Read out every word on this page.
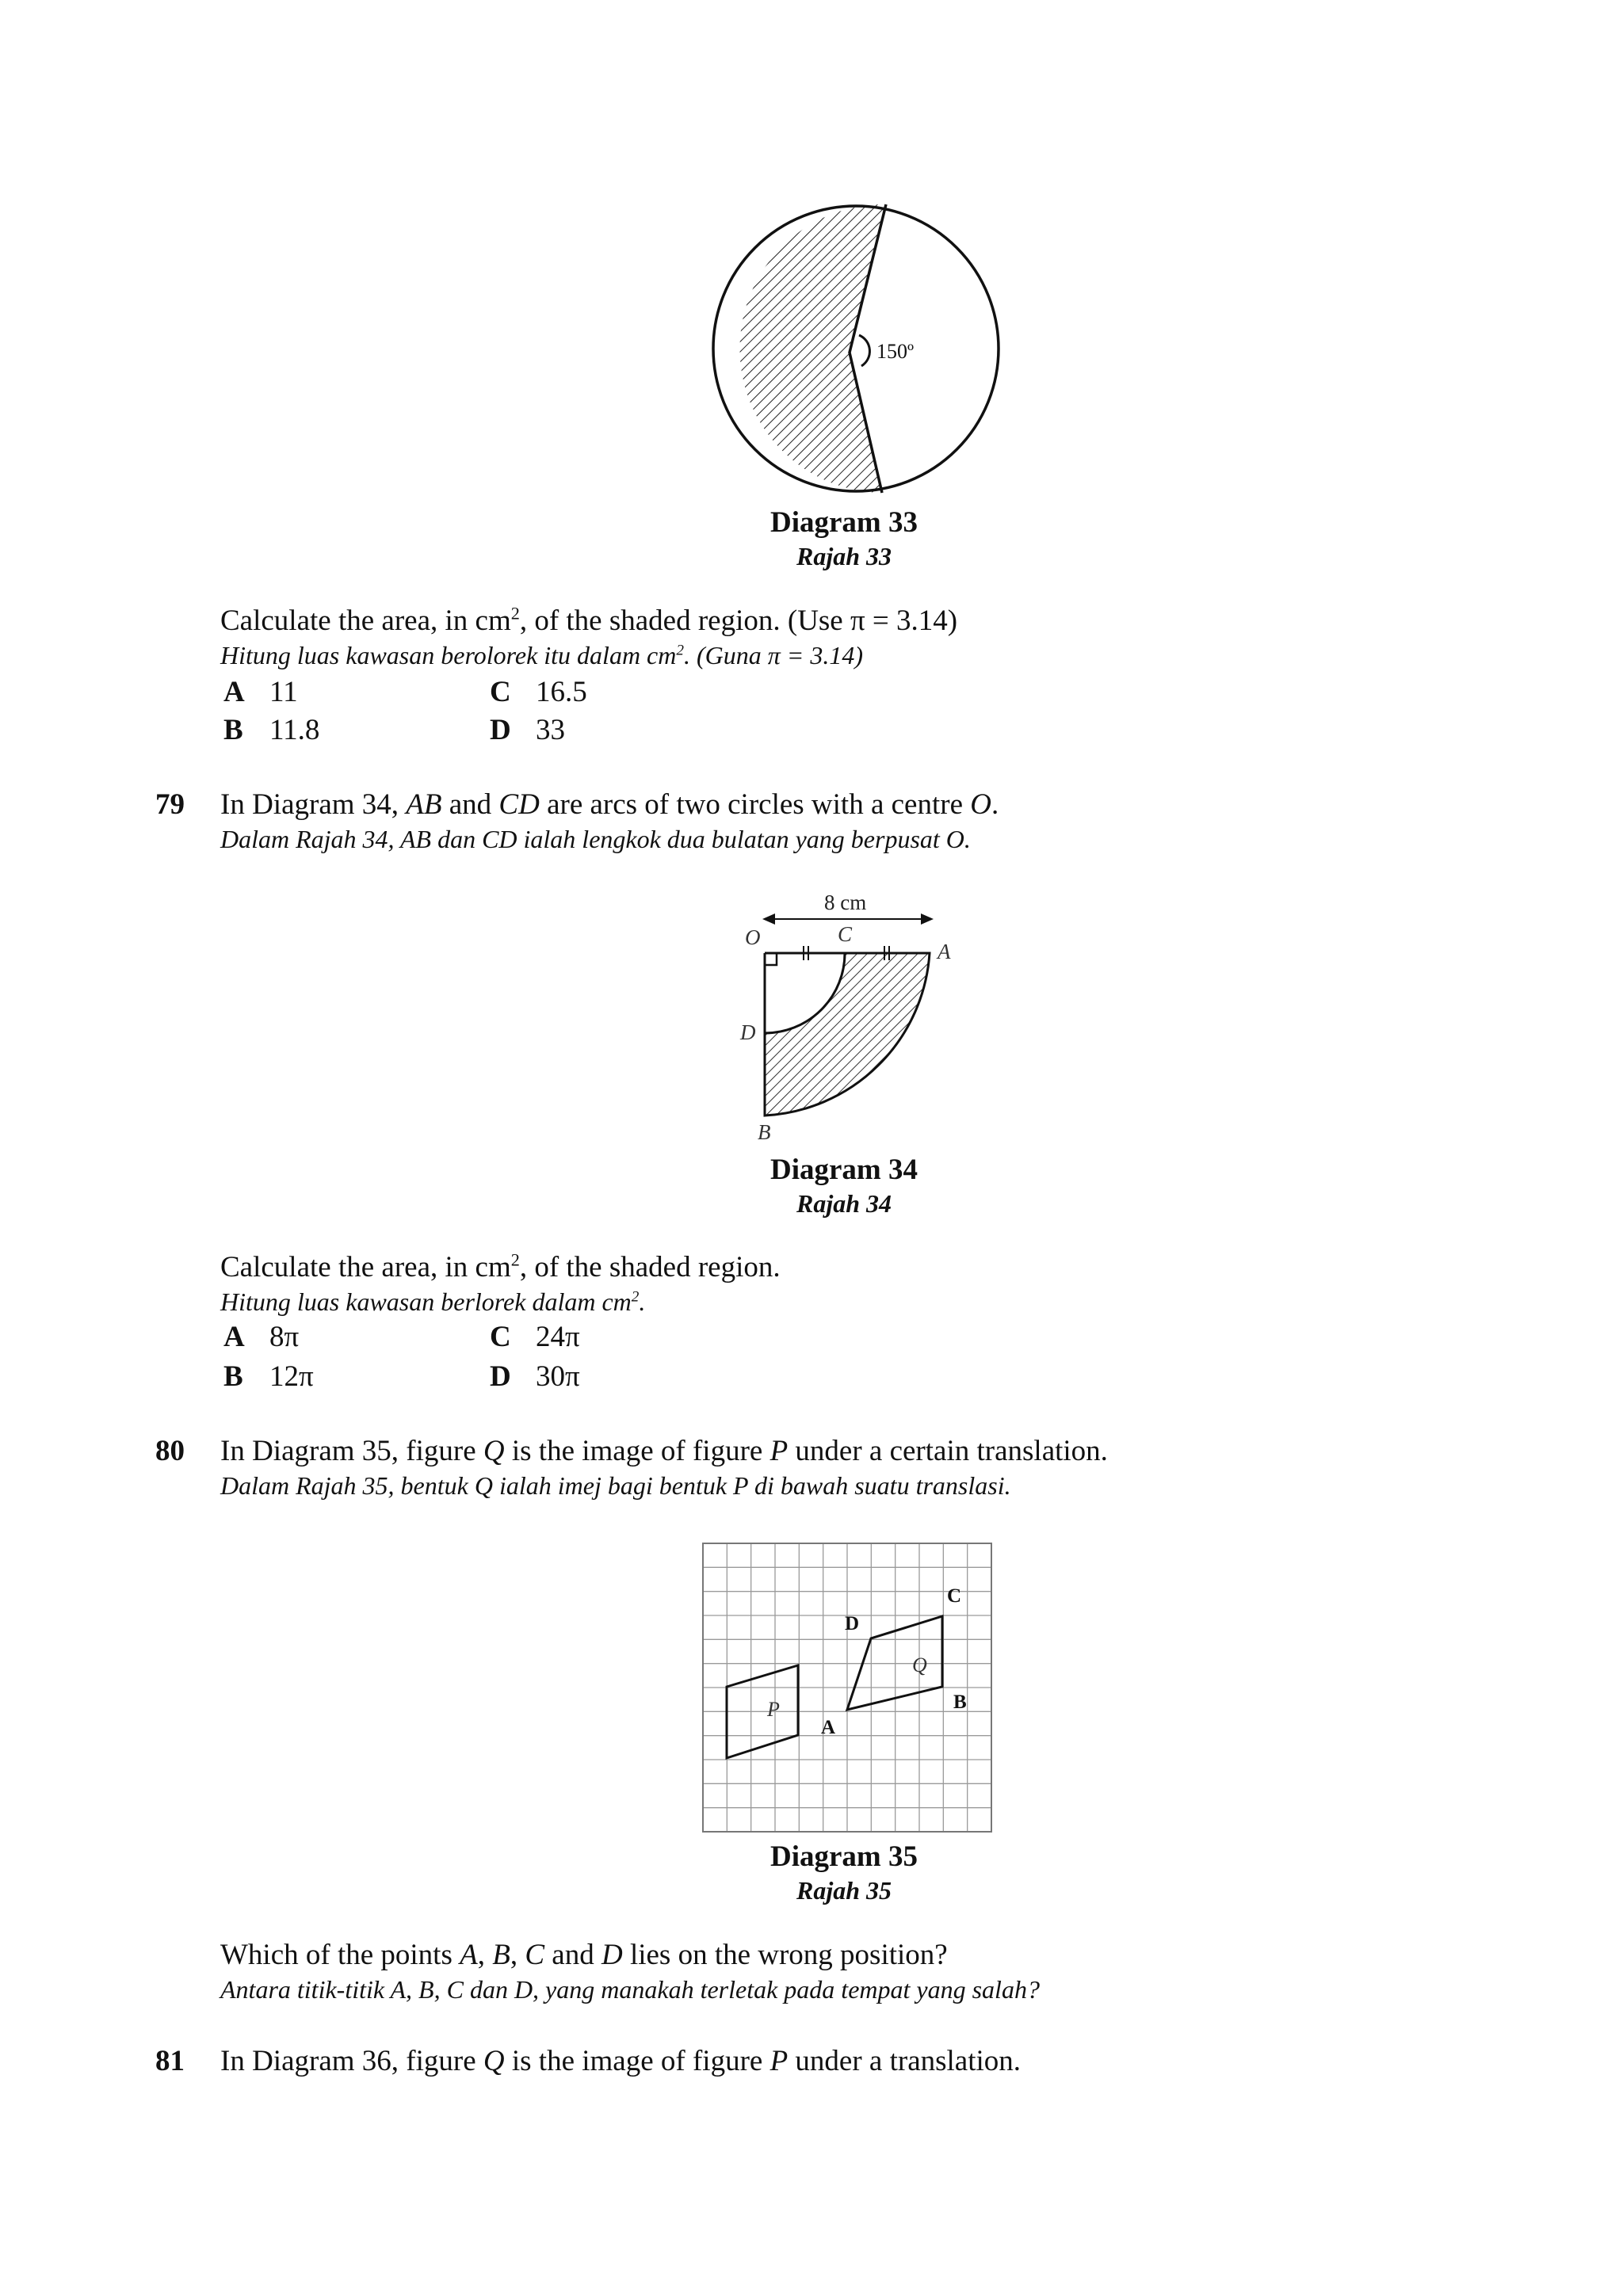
150º
Diagram 33
Rajah 33
Calculate the area, in $cm^2$, of the shaded region. (Use π = 3.14)
Hitung luas kawasan berolorek itu dalam $cm^2$. (Guna π = 3.14)
A 11	C 16.5
B 11.8	D 33
79 In Diagram 34, AB and CD are arcs of two circles with a centre O.
Dalam Rajah 34, AB dan CD ialah lengkok dua bulatan yang berpusat O.
8 cm
O	C
A
D
B
Diagram 34
Rajah 34
Calculate the area, in $cm^2$, of the shaded region.
Hitung luas kawasan berlorek dalam $cm^2$.
A 8π	C 24π
B 12π	D 30π
80 In Diagram 35, figure Q is the image of figure P under a certain translation.
Dalam Rajah 35, bentuk Q ialah imej bagi bentuk P di bawah suatu translasi.
P
Q
A
B
C
D
Diagram 35
Rajah 35
Which of the points A, B, C and D lies on the wrong position?
Antara titik-titik A, B, C dan D, yang manakah terletak pada tempat yang salah?
81 In Diagram 36, figure Q is the image of figure P under a translation.
